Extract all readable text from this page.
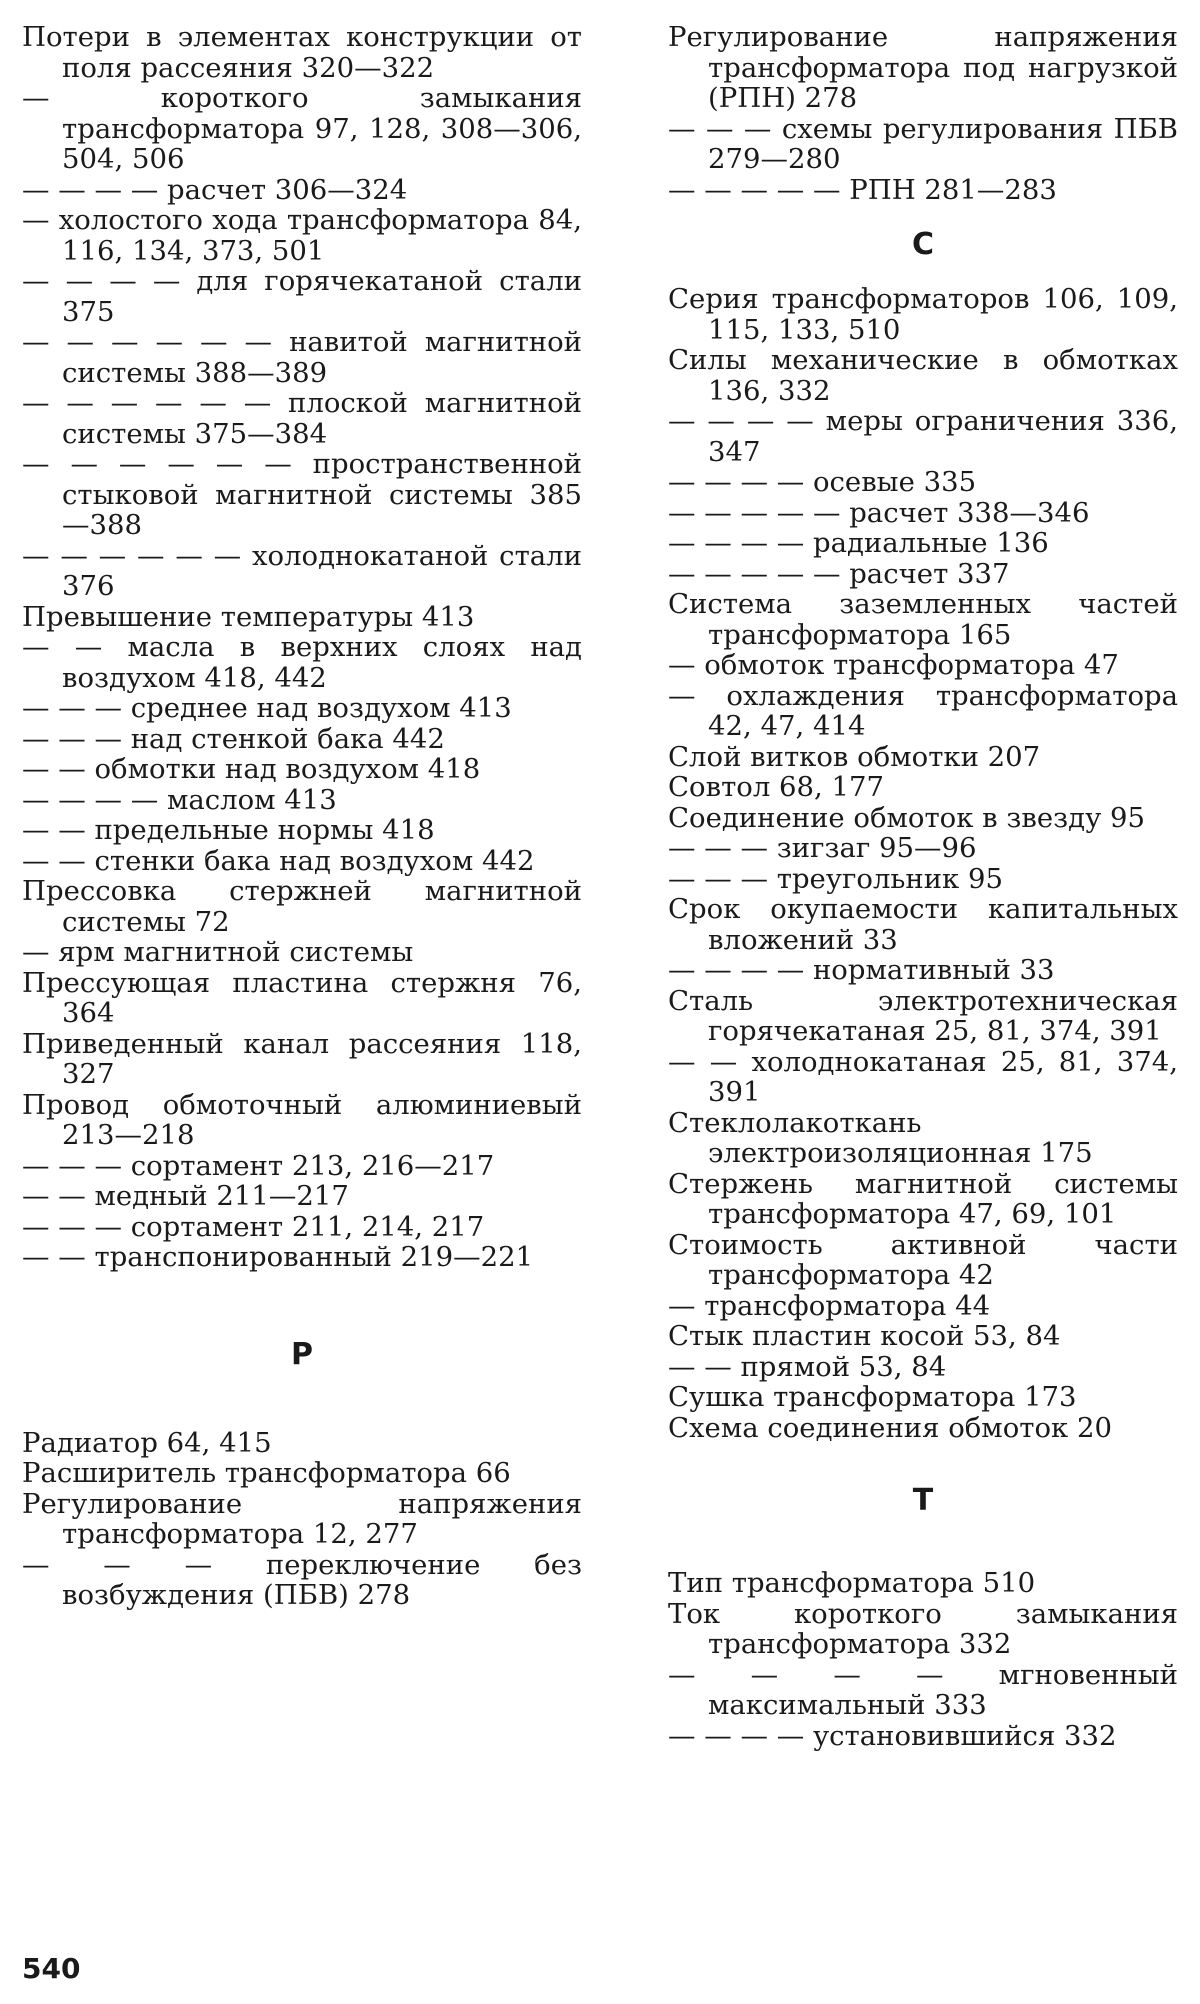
Потери в элементах конструкции от поля рассеяния 320—322

— короткого замыкания трансформатора 97, 128, 308—306, 504, 506

— — — — расчет 306—324

— холостого хода трансформатора 84, 116, 134, 373, 501

— — — — для горячекатаной стали 375

— — — — — — навитой магнитной системы 388—389

— — — — — — плоской магнитной системы 375—384

— — — — — — пространственной стыковой магнитной системы 385—388

— — — — — — холоднокатаной стали 376

Превышение температуры 413

— — масла в верхних слоях над воздухом 418, 442

— — — среднее над воздухом 413

— — — над стенкой бака 442

— — обмотки над воздухом 418

— — — — маслом 413

— — предельные нормы 418

— — стенки бака над воздухом 442

Прессовка стержней магнитной системы 72

— ярм магнитной системы

Прессующая пластина стержня 76, 364

Приведенный канал рассеяния 118, 327

Провод обмоточный алюминиевый 213—218

— — — сортамент 213, 216—217

— — медный 211—217

— — — сортамент 211, 214, 217

— — транспонированный 219—221

Р

Радиатор 64, 415

Расширитель трансформатора 66

Регулирование напряжения трансформатора 12, 277

— — — переключение без возбуждения (ПБВ) 278

Регулирование напряжения трансформатора под нагрузкой (РПН) 278

— — — схемы регулирования ПБВ 279—280

— — — — — РПН 281—283

С

Серия трансформаторов 106, 109, 115, 133, 510

Силы механические в обмотках 136, 332

— — — — меры ограничения 336, 347

— — — — осевые 335

— — — — — расчет 338—346

— — — — радиальные 136

— — — — — расчет 337

Система заземленных частей трансформатора 165

— обмоток трансформатора 47

— охлаждения трансформатора 42, 47, 414

Слой витков обмотки 207

Совтол 68, 177

Соединение обмоток в звезду 95

— — — зигзаг 95—96

— — — треугольник 95

Срок окупаемости капитальных вложений 33

— — — — нормативный 33

Сталь электротехническая горячекатаная 25, 81, 374, 391

— — холоднокатаная 25, 81, 374, 391

Стеклолакоткань электроизоляционная 175

Стержень магнитной системы трансформатора 47, 69, 101

Стоимость активной части трансформатора 42

— трансформатора 44

Стык пластин косой 53, 84

— — прямой 53, 84

Сушка трансформатора 173

Схема соединения обмоток 20

Т

Тип трансформатора 510

Ток короткого замыкания трансформатора 332

— — — — мгновенный максимальный 333

— — — — установившийся 332

540
